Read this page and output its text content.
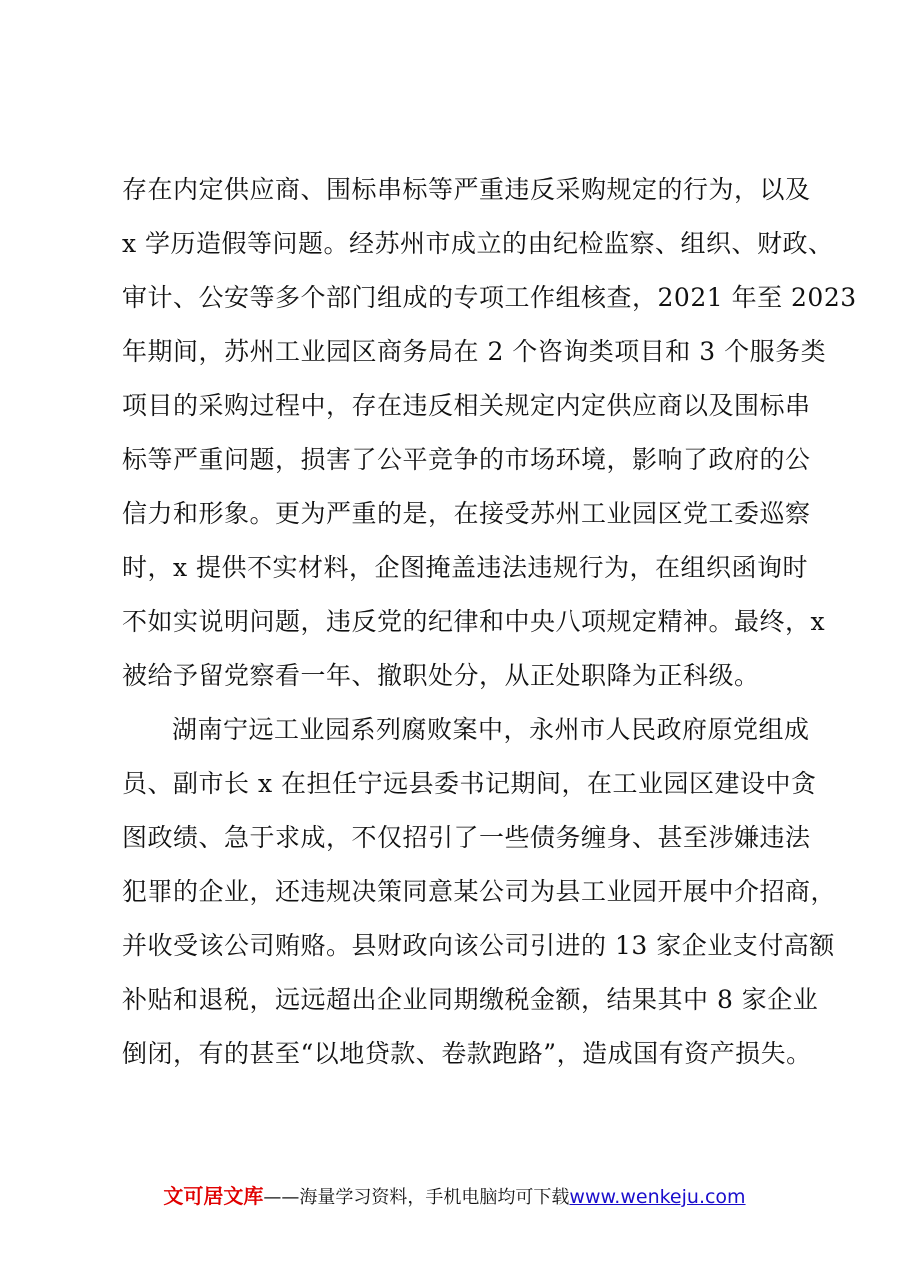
存在内定供应商、围标串标等严重违反采购规定的行为，以及
x 学历造假等问题。经苏州市成立的由纪检监察、组织、财政、
审计、公安等多个部门组成的专项工作组核查，2021 年至 2023
年期间，苏州工业园区商务局在 2 个咨询类项目和 3 个服务类
项目的采购过程中，存在违反相关规定内定供应商以及围标串
标等严重问题，损害了公平竞争的市场环境，影响了政府的公
信力和形象。更为严重的是，在接受苏州工业园区党工委巡察
时，x 提供不实材料，企图掩盖违法违规行为，在组织函询时
不如实说明问题，违反党的纪律和中央八项规定精神。最终，x
被给予留党察看一年、撤职处分，从正处职降为正科级。
湖南宁远工业园系列腐败案中，永州市人民政府原党组成
员、副市长 x 在担任宁远县委书记期间，在工业园区建设中贪
图政绩、急于求成，不仅招引了一些债务缠身、甚至涉嫌违法
犯罪的企业，还违规决策同意某公司为县工业园开展中介招商，
并收受该公司贿赂。县财政向该公司引进的 13 家企业支付高额
补贴和退税，远远超出企业同期缴税金额，结果其中 8 家企业
倒闭，有的甚至“以地贷款、卷款跑路”，造成国有资产损失。
文可居文库——海量学习资料，手机电脑均可下载www.wenkeju.com
